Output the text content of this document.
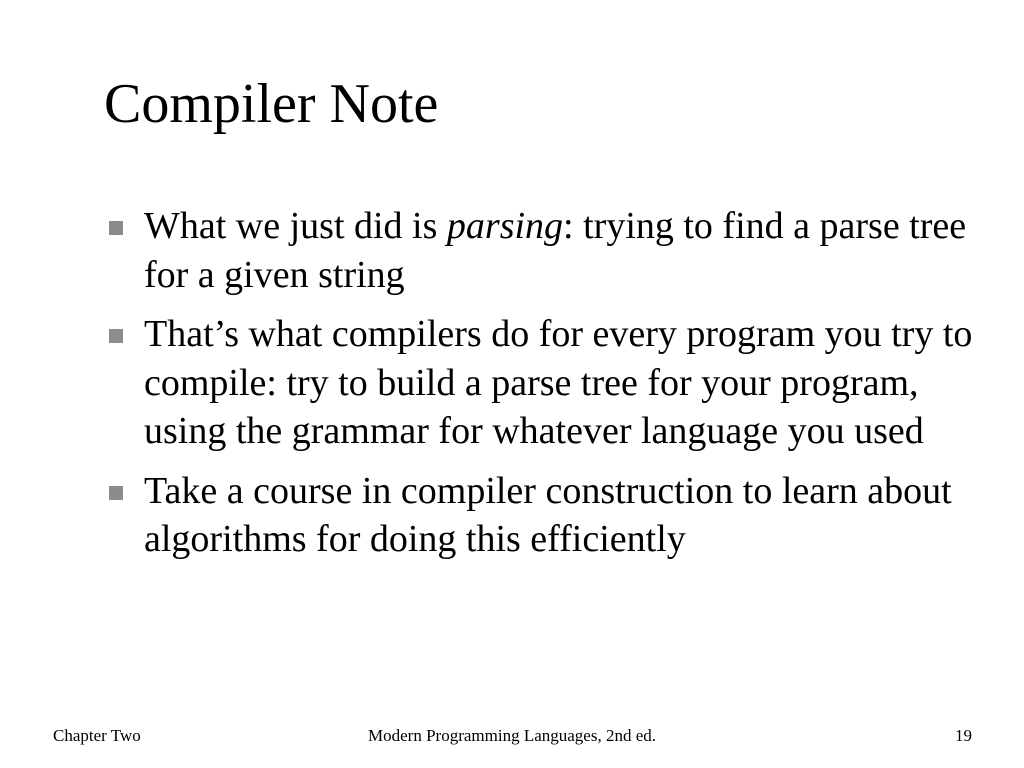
Compiler Note
What we just did is parsing: trying to find a parse tree for a given string
That’s what compilers do for every program you try to compile: try to build a parse tree for your program, using the grammar for whatever language you used
Take a course in compiler construction to learn about algorithms for doing this efficiently
Modern Programming Languages, 2nd ed.
Chapter Two	19
